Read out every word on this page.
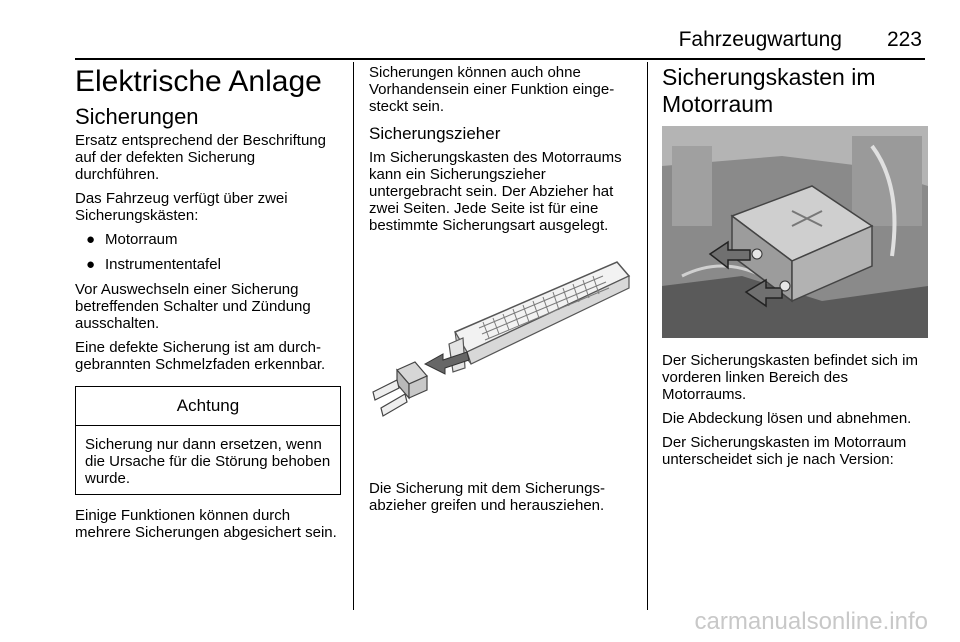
Fahrzeugwartung 223
Elektrische Anlage
Sicherungen

Ersatz entsprechend der Beschriftung auf der defekten Sicherung durchführen.

Das Fahrzeug verfügt über zwei Sicherungskästen:

● Motorraum
● Instrumententafel

Vor Auswechseln einer Sicherung betreffenden Schalter und Zündung ausschalten.

Eine defekte Sicherung ist am durchgebrannten Schmelzfaden erkennbar.

Achtung
Sicherung nur dann ersetzen, wenn die Ursache für die Störung behoben wurde.

Einige Funktionen können durch mehrere Sicherungen abgesichert sein.

Sicherungen können auch ohne Vorhandensein einer Funktion eingesteckt sein.

Sicherungszieher

Im Sicherungskasten des Motorraums kann ein Sicherungszieher untergebracht sein. Der Abzieher hat zwei Seiten. Jede Seite ist für eine bestimmte Sicherungsart ausgelegt.

Die Sicherung mit dem Sicherungsabzieher greifen und herausziehen.

Sicherungskasten im Motorraum

Der Sicherungskasten befindet sich im vorderen linken Bereich des Motorraums.

Die Abdeckung lösen und abnehmen.

Der Sicherungskasten im Motorraum unterscheidet sich je nach Version:

carmanualsonline.info
